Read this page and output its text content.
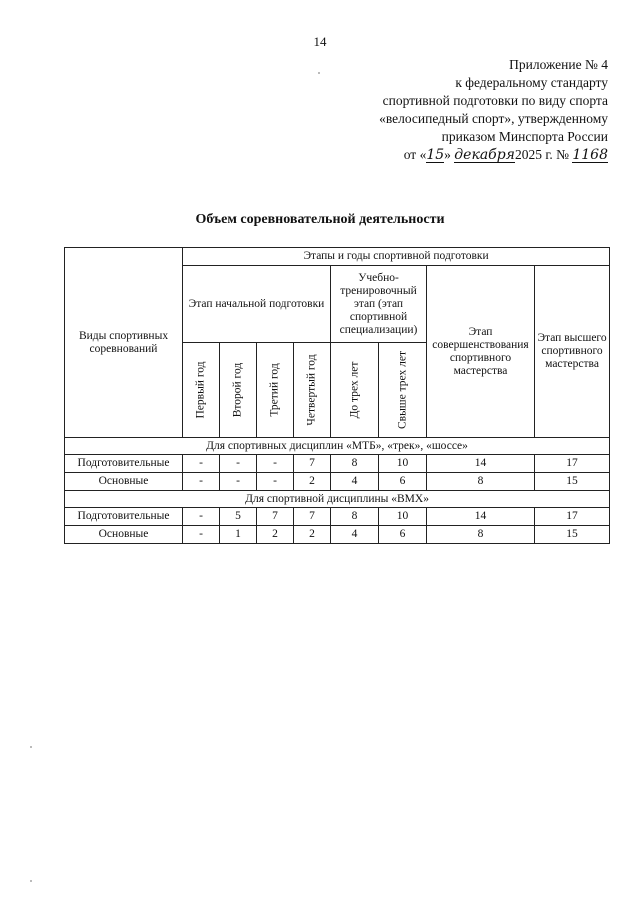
14
Приложение № 4
к федеральному стандарту
спортивной подготовки по виду спорта
«велосипедный спорт», утвержденному
приказом Минспорта России
от «15» декабря2025 г. № 1168
Объем соревновательной деятельности
Виды спортивных соревнований	Этапы и годы спортивной подготовки							
	Этап начальной подготовки				Учебно-тренировочный этап (этап спортивной специализации)		Этап совершенствования спортивного мастерства	Этап высшего спортивного мастерства

	Первый год	Второй год	Третий год	Четвертый год	До трех лет	Свыше трех лет		

Для спортивных дисциплин «МТБ», «трек», «шоссе»								
Подготовительные	-	-	-	7	8	10	14	17
Основные	-	-	-	2	4	6	8	15
Для спортивной дисциплины «BMX»								
Подготовительные	-	5	7	7	8	10	14	17
Основные	-	1	2	2	4	6	8	15
